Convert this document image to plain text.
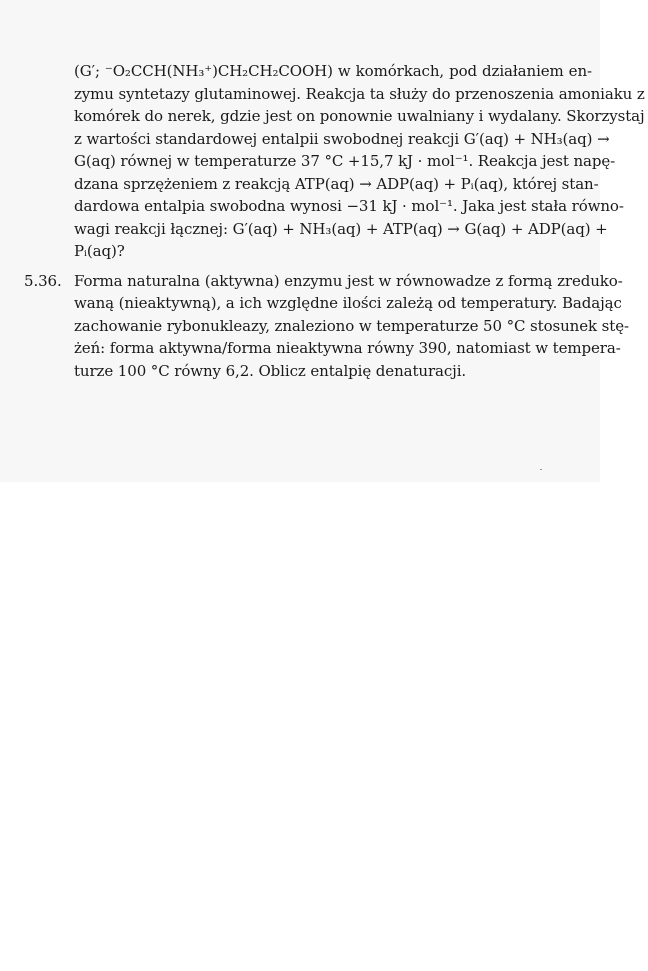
(G′; ⁻O₂CCH(NH₃⁺)CH₂CH₂COOH) w komórkach, pod działaniem en-
zymu syntetazy glutaminowej. Reakcja ta służy do przenoszenia amoniaku z
komórek do nerek, gdzie jest on ponownie uwalniany i wydalany. Skorzystaj
z wartości standardowej entalpii swobodnej reakcji G′(aq) + NH₃(aq) →
G(aq) równej w temperaturze 37 °C +15,7 kJ · mol⁻¹. Reakcja jest napę-
dzana sprzężeniem z reakcją ATP(aq) → ADP(aq) + Pᵢ(aq), której stan-
dardowa entalpia swobodna wynosi −31 kJ · mol⁻¹. Jaka jest stała równo-
wagi reakcji łącznej: G′(aq) + NH₃(aq) + ATP(aq) → G(aq) + ADP(aq) +
Pᵢ(aq)?
5.36. Forma naturalna (aktywna) enzymu jest w równowadze z formą zreduko-
waną (nieaktywną), a ich względne ilości zależą od temperatury. Badając
zachowanie rybonukleazy, znaleziono w temperaturze 50 °C stosunek stę-
żeń: forma aktywna/forma nieaktywna równy 390, natomiast w tempera-
turze 100 °C równy 6,2. Oblicz entalpię denaturacji.
